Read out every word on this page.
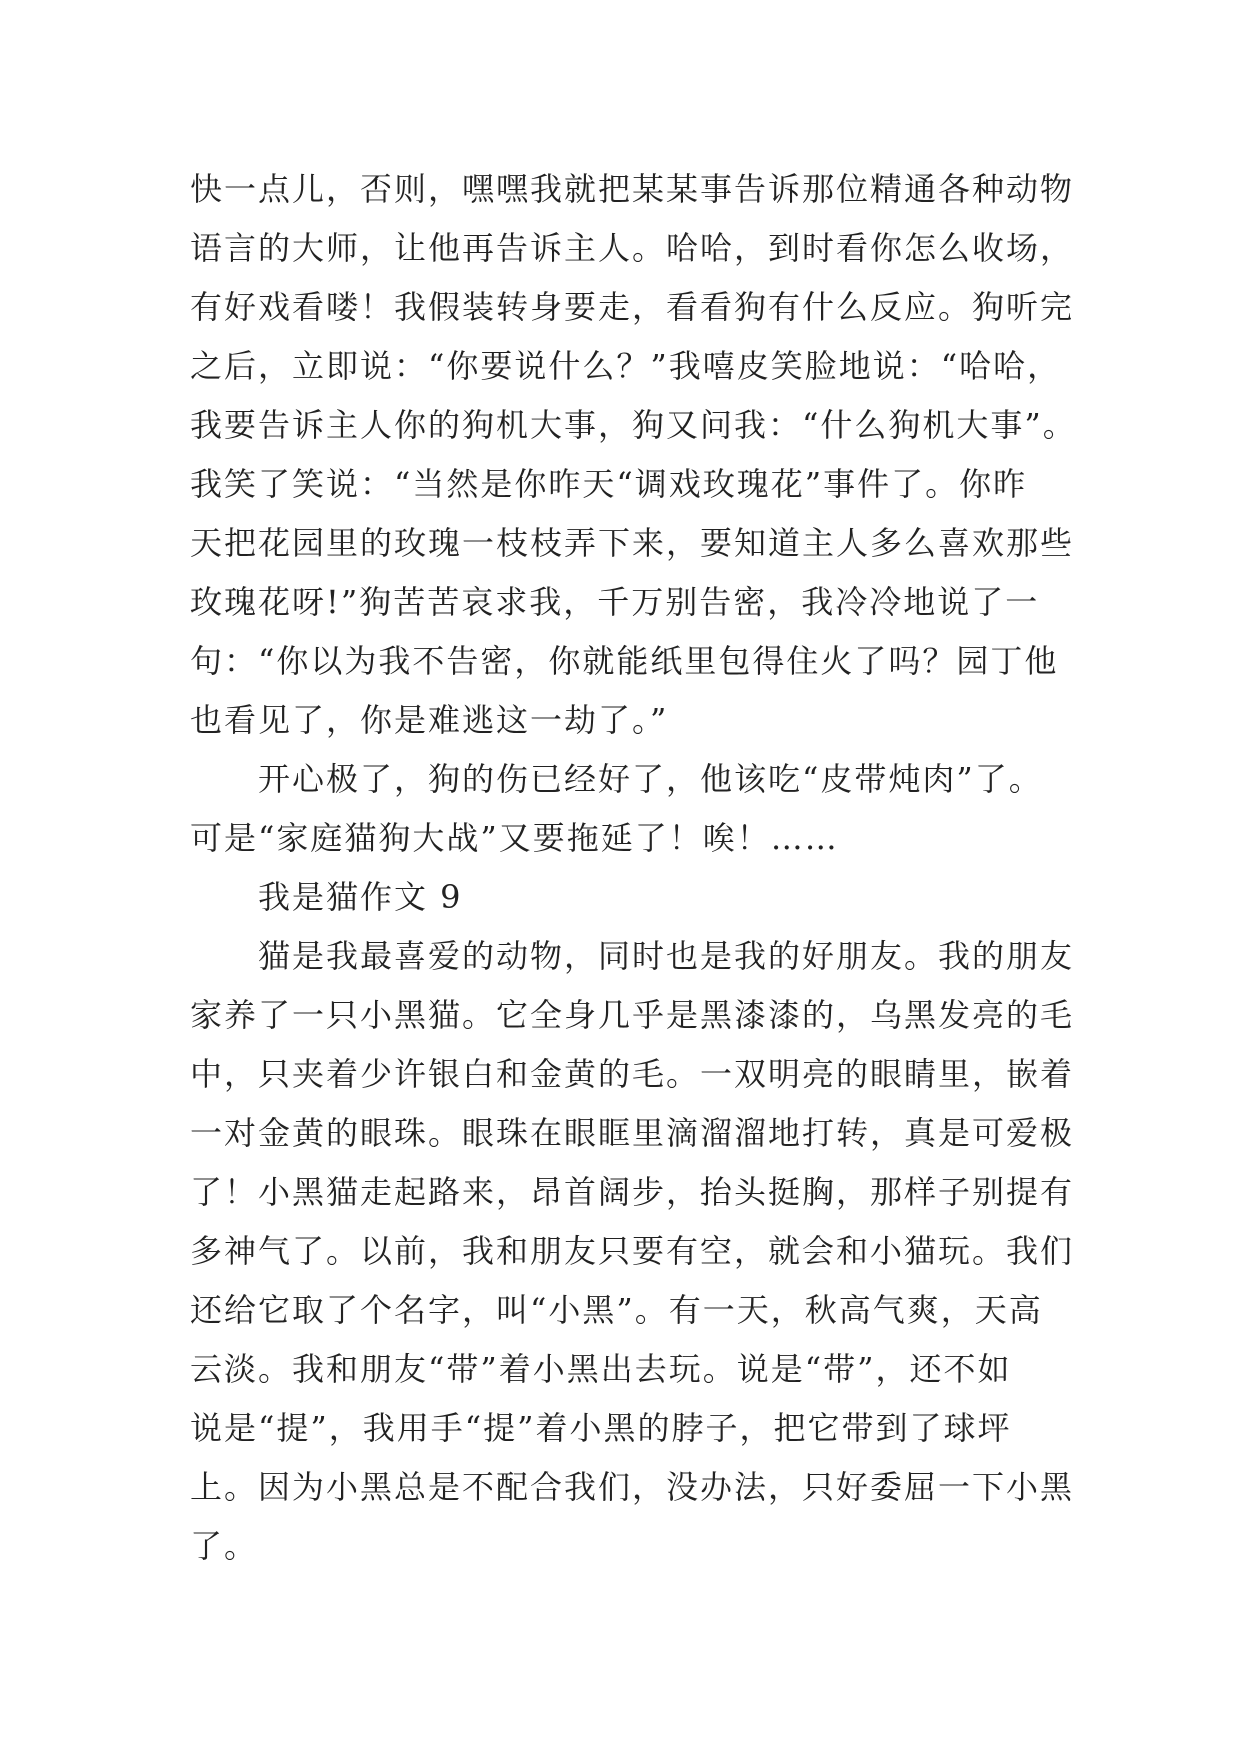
快一点儿，否则，嘿嘿我就把某某事告诉那位精通各种动物
语言的大师，让他再告诉主人。哈哈，到时看你怎么收场，
有好戏看喽！我假装转身要走，看看狗有什么反应。狗听完
之后，立即说：“你要说什么？”我嘻皮笑脸地说：“哈哈，
我要告诉主人你的狗机大事，狗又问我：“什么狗机大事”。
我笑了笑说：“当然是你昨天“调戏玫瑰花”事件了。你昨
天把花园里的玫瑰一枝枝弄下来，要知道主人多么喜欢那些
玫瑰花呀!”狗苦苦哀求我，千万别告密，我冷冷地说了一
句：“你以为我不告密，你就能纸里包得住火了吗？园丁他
也看见了，你是难逃这一劫了。”
开心极了，狗的伤已经好了，他该吃“皮带炖肉”了。
可是“家庭猫狗大战”又要拖延了！唉！……
我是猫作文 9
猫是我最喜爱的动物，同时也是我的好朋友。我的朋友
家养了一只小黑猫。它全身几乎是黑漆漆的，乌黑发亮的毛
中，只夹着少许银白和金黄的毛。一双明亮的眼睛里，嵌着
一对金黄的眼珠。眼珠在眼眶里滴溜溜地打转，真是可爱极
了！小黑猫走起路来，昂首阔步，抬头挺胸，那样子别提有
多神气了。以前，我和朋友只要有空，就会和小猫玩。我们
还给它取了个名字，叫“小黑”。有一天，秋高气爽，天高
云淡。我和朋友“带”着小黑出去玩。说是“带”，还不如
说是“提”，我用手“提”着小黑的脖子，把它带到了球坪
上。因为小黑总是不配合我们，没办法，只好委屈一下小黑
了。
